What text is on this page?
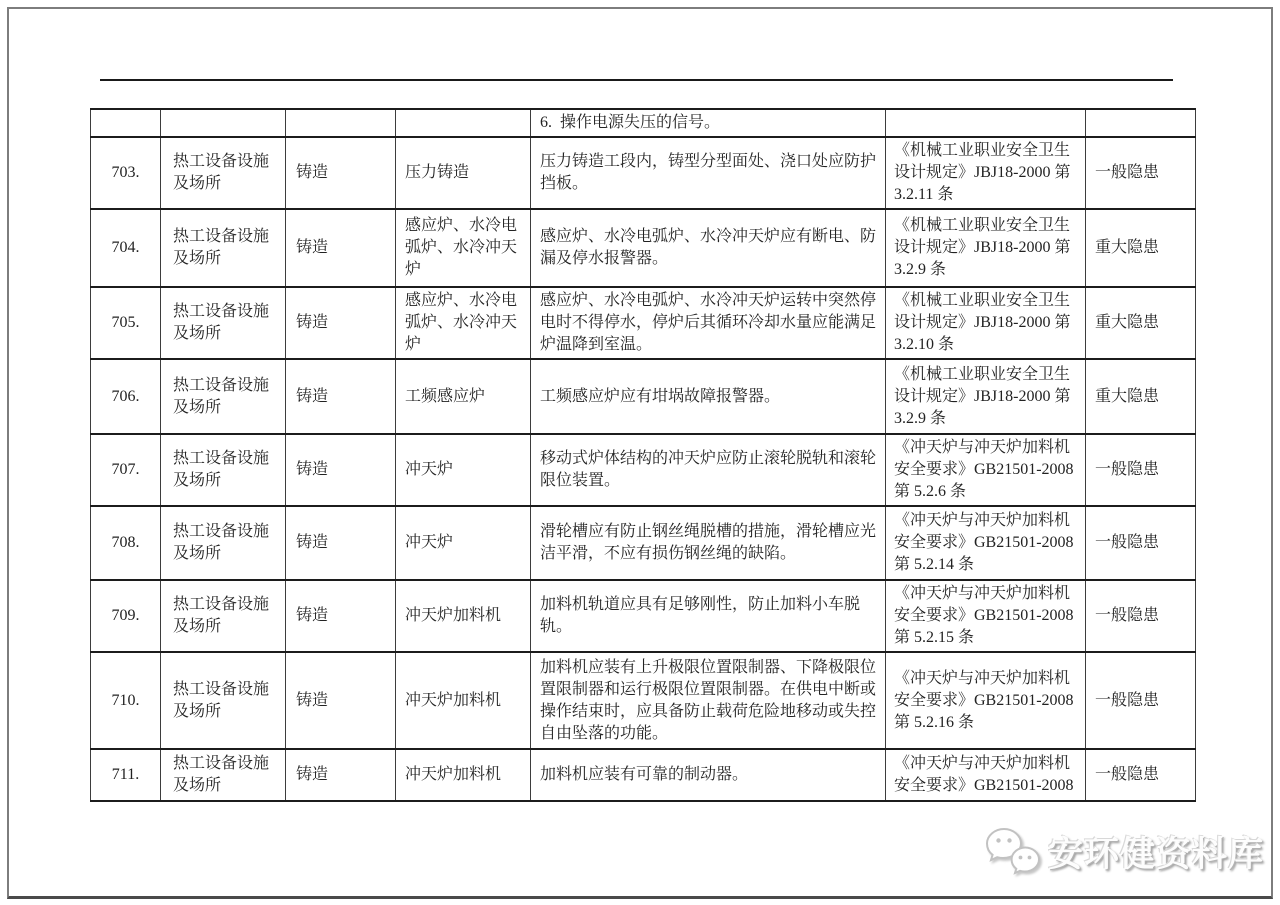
				6.  操作电源失压的信号。		
703.	热工设备设施及场所	铸造	压力铸造	压力铸造工段内，铸型分型面处、浇口处应防护挡板。	《机械工业职业安全卫生设计规定》JBJ18-2000 第 3.2.11 条	一般隐患
704.	热工设备设施及场所	铸造	感应炉、水冷电弧炉、水冷冲天炉	感应炉、水冷电弧炉、水冷冲天炉应有断电、防漏及停水报警器。	《机械工业职业安全卫生设计规定》JBJ18-2000 第 3.2.9 条	重大隐患
705.	热工设备设施及场所	铸造	感应炉、水冷电弧炉、水冷冲天炉	感应炉、水冷电弧炉、水冷冲天炉运转中突然停电时不得停水，停炉后其循环冷却水量应能满足炉温降到室温。	《机械工业职业安全卫生设计规定》JBJ18-2000 第 3.2.10 条	重大隐患
706.	热工设备设施及场所	铸造	工频感应炉	工频感应炉应有坩埚故障报警器。	《机械工业职业安全卫生设计规定》JBJ18-2000 第 3.2.9 条	重大隐患
707.	热工设备设施及场所	铸造	冲天炉	移动式炉体结构的冲天炉应防止滚轮脱轨和滚轮限位装置。	《冲天炉与冲天炉加料机安全要求》GB21501-2008 第 5.2.6 条	一般隐患
708.	热工设备设施及场所	铸造	冲天炉	滑轮槽应有防止钢丝绳脱槽的措施，滑轮槽应光洁平滑，不应有损伤钢丝绳的缺陷。	《冲天炉与冲天炉加料机安全要求》GB21501-2008 第 5.2.14 条	一般隐患
709.	热工设备设施及场所	铸造	冲天炉加料机	加料机轨道应具有足够刚性，防止加料小车脱轨。	《冲天炉与冲天炉加料机安全要求》GB21501-2008 第 5.2.15 条	一般隐患
710.	热工设备设施及场所	铸造	冲天炉加料机	加料机应装有上升极限位置限制器、下降极限位置限制器和运行极限位置限制器。在供电中断或操作结束时，应具备防止载荷危险地移动或失控自由坠落的功能。	《冲天炉与冲天炉加料机安全要求》GB21501-2008 第 5.2.16 条	一般隐患
711.	热工设备设施及场所	铸造	冲天炉加料机	加料机应装有可靠的制动器。	《冲天炉与冲天炉加料机安全要求》GB21501-2008	一般隐患
安环健资料库
